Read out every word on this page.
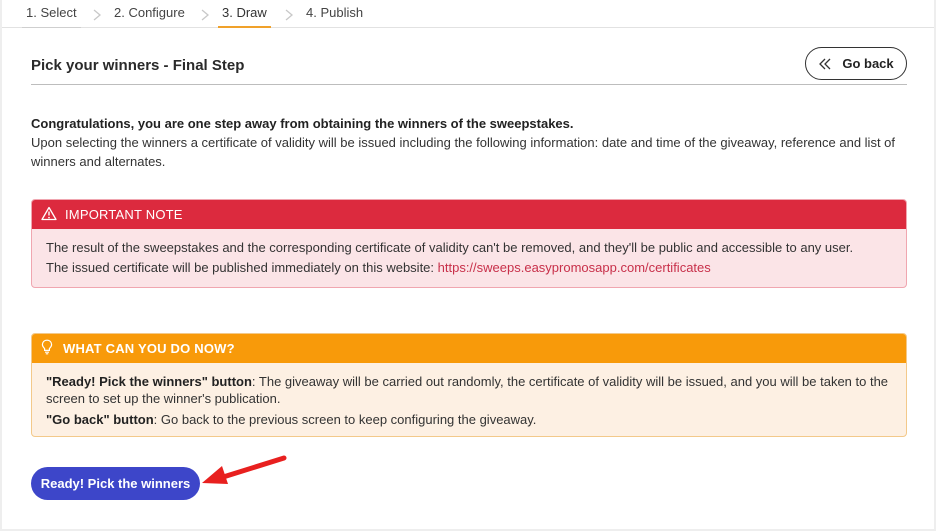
1. Select	2. Configure	3. Draw	4. Publish
Pick your winners - Final Step	Go back
Congratulations, you are one step away from obtaining the winners of the sweepstakes.
Upon selecting the winners a certificate of validity will be issued including the following information: date and time of the giveaway, reference and list of winners and alternates.
IMPORTANT NOTE
The result of the sweepstakes and the corresponding certificate of validity can't be removed, and they'll be public and accessible to any user.
The issued certificate will be published immediately on this website: https://sweeps.easypromosapp.com/certificates
WHAT CAN YOU DO NOW?

"Ready! Pick the winners" button: The giveaway will be carried out randomly, the certificate of validity will be issued, and you will be taken to the screen to set up the winner's publication.

"Go back" button: Go back to the previous screen to keep configuring the giveaway.

Ready! Pick the winners
